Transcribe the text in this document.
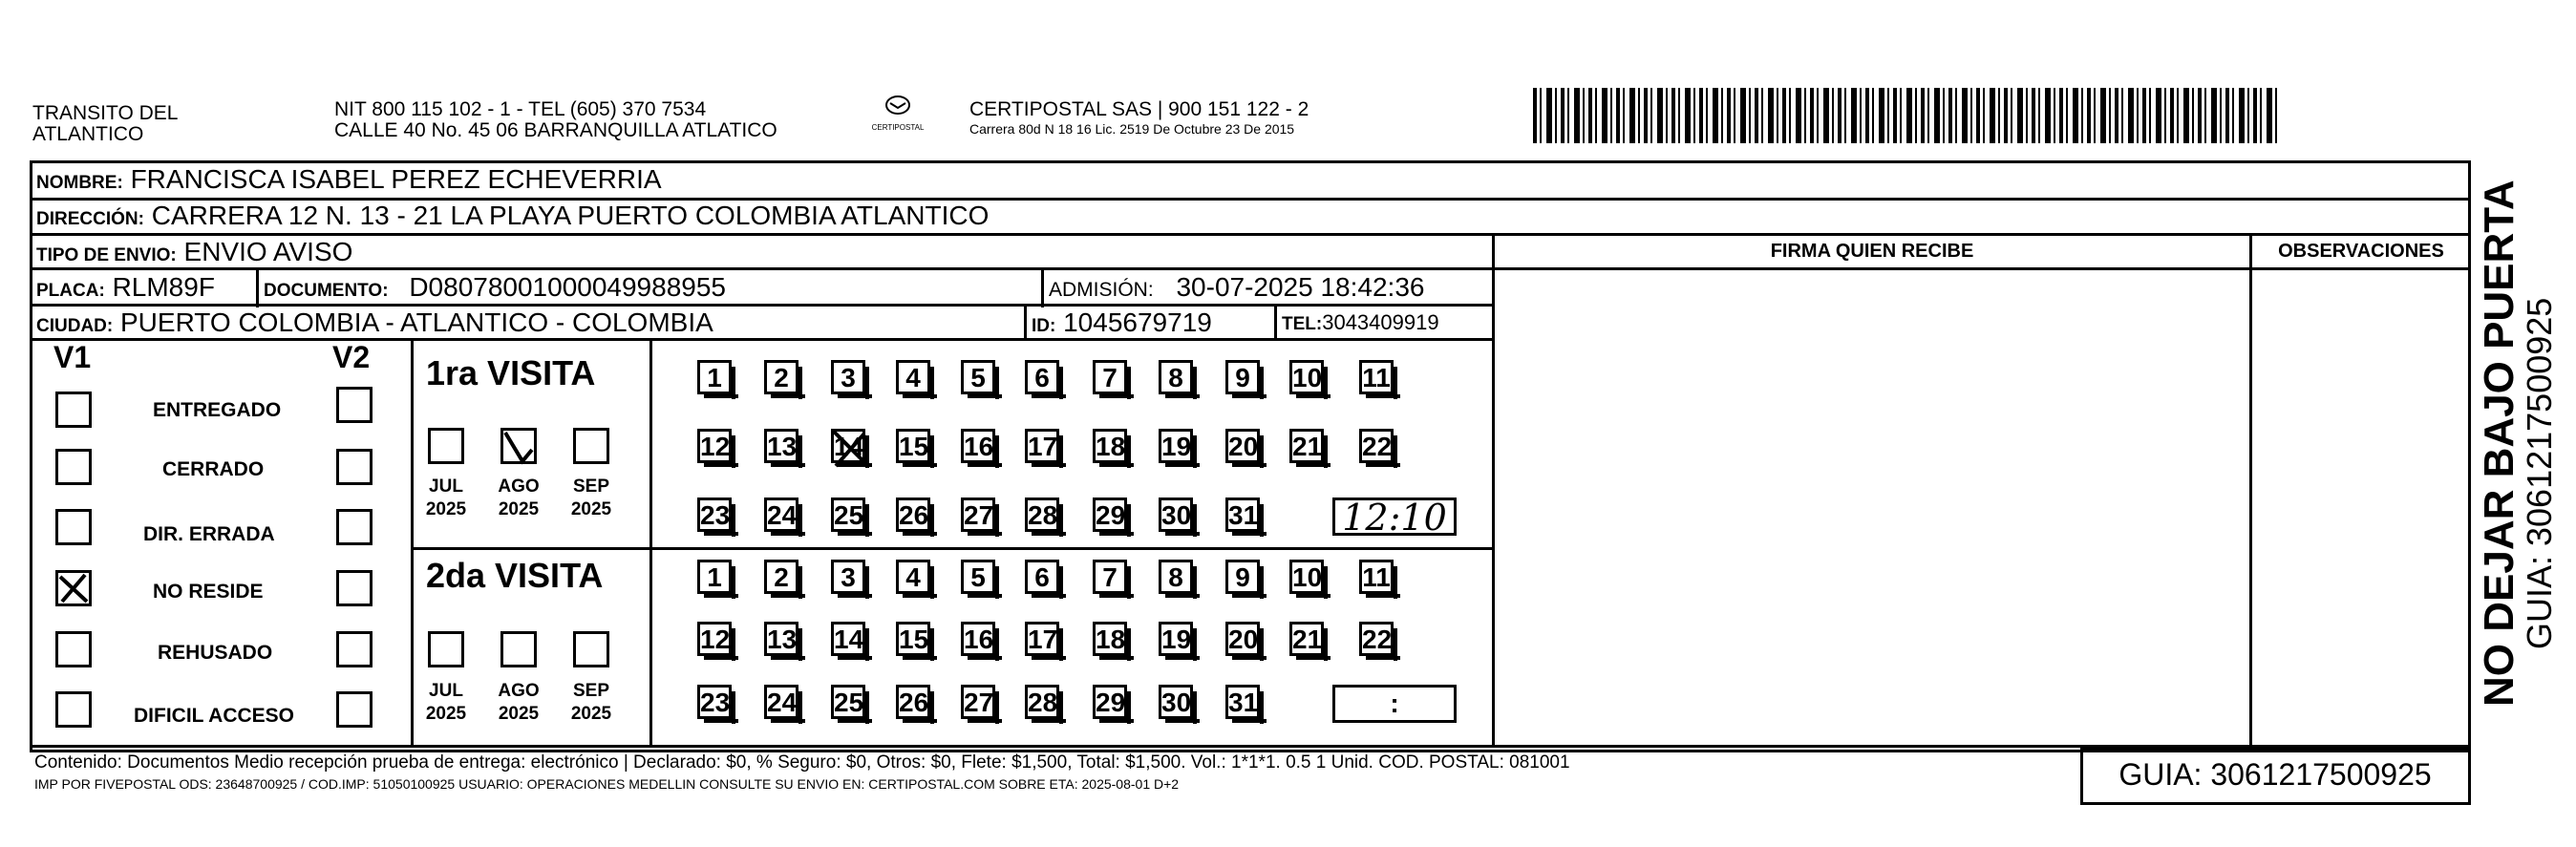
TRANSITO DEL
ATLANTICO
NIT 800 115 102 - 1 - TEL (605) 370 7534
CALLE 40 No. 45 06 BARRANQUILLA ATLATICO	CERTIPOSTAL
CERTIPOSTAL SAS | 900 151 122 - 2
Carrera 80d N 18 16 Lic. 2519 De Octubre 23 De 2015
NOMBRE: FRANCISCA ISABEL PEREZ ECHEVERRIA
DIRECCIÓN: CARRERA 12 N. 13 - 21 LA PLAYA PUERTO COLOMBIA ATLANTICO
TIPO DE ENVIO: ENVIO AVISO	FIRMA QUIEN RECIBE	OBSERVACIONES
PLACA: RLM89F	DOCUMENTO: D08078001000049988955	ADMISIÓN: 30-07-2025 18:42:36
CIUDAD: PUERTO COLOMBIA - ATLANTICO - COLOMBIA	ID: 1045679719	TEL:3043409919
V1	V2
ENTREGADO
CERRADO
DIR. ERRADA
NO RESIDE
REHUSADO
DIFICIL ACCESO
1ra VISITA
JUL
2025
AGO
2025
SEP
2025
2da VISITA
JUL
2025
AGO
2025
SEP
2025
1	2	3	4	5	6	7	8	9	10 11
12 13 14 15 16 17 18 19 20 21 22
23 24 25 26 27 28 29 30 31
1	2	3	4	5	6	7	8	9	10 11
12 13 14 15 16 17 18 19 20 21 22
23 24 25 26 27 28 29 30 31
12:10
:
Contenido: Documentos Medio recepción prueba de entrega: electrónico | Declarado: $0, % Seguro: $0, Otros: $0, Flete: $1,500, Total: $1,500. Vol.: 1*1*1. 0.5 1 Unid. COD. POSTAL: 081001
IMP POR FIVEPOSTAL ODS: 23648700925 / COD.IMP: 51050100925 USUARIO: OPERACIONES MEDELLIN CONSULTE SU ENVIO EN: CERTIPOSTAL.COM SOBRE ETA: 2025-08-01 D+2	GUIA: 3061217500925
NO DEJAR BAJO PUERTA
GUIA: 3061217500925
